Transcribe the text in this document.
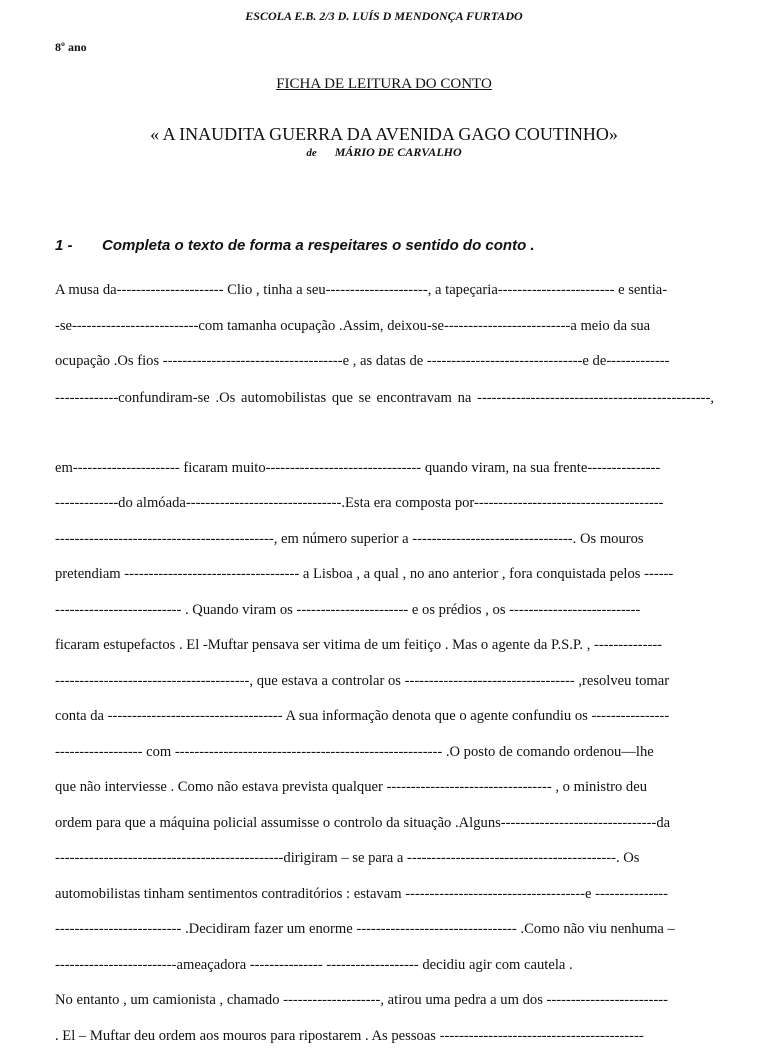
ESCOLA E.B. 2/3 D. LUÍS D MENDONÇA FURTADO
8º ano
FICHA DE LEITURA DO CONTO
« A INAUDITA GUERRA DA AVENIDA GAGO COUTINHO»
de MÁRIO DE CARVALHO
1 -	Completa o texto de forma a respeitares o sentido do conto .
A musa da---------------------- Clio , tinha a seu---------------------, a tapeçaria------------------------ e sentia-
-se--------------------------com tamanha ocupação .Assim, deixou-se--------------------------a meio da sua
ocupação .Os fios -------------------------------------e , as datas de --------------------------------e de-------------
-------------confundiram-se .Os automobilistas que se encontravam na ------------------------------------------------,
em---------------------- ficaram muito-------------------------------- quando viram, na sua frente---------------
-------------do almóada--------------------------------.Esta era composta por---------------------------------------
---------------------------------------------, em número superior a ---------------------------------. Os mouros
pretendiam ------------------------------------ a Lisboa , a qual , no ano anterior , fora conquistada pelos ------
-------------------------- . Quando viram os ----------------------- e os prédios , os ---------------------------
ficaram estupefactos . El -Muftar pensava ser vitima de um feitiço . Mas o agente da P.S.P. , --------------
----------------------------------------, que estava a controlar os ----------------------------------- ,resolveu tomar
conta da ------------------------------------ A sua informação denota que o agente confundiu os ----------------
------------------ com ------------------------------------------------------- .O posto de comando ordenou—lhe
que não interviesse . Como não estava prevista qualquer ---------------------------------- , o ministro deu
ordem para que a máquina policial assumisse o controlo da situação .Alguns--------------------------------da
-----------------------------------------------dirigiram – se para a -------------------------------------------. Os
automobilistas tinham sentimentos contraditórios : estavam -------------------------------------e ---------------
-------------------------- .Decidiram fazer um enorme --------------------------------- .Como não viu nenhuma –
-------------------------ameaçadora --------------- ------------------- decidiu agir com cautela .
No entanto , um camionista , chamado --------------------, atirou uma pedra a um dos -------------------------
. El – Muftar deu ordem aos mouros para ripostarem . As pessoas ------------------------------------------
